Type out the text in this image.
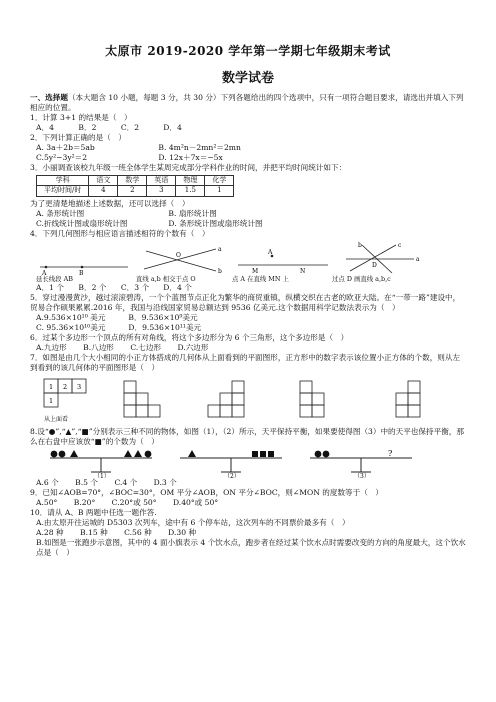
太原市 2019-2020 学年第一学期七年级期末考试

数学试卷

一、选择题（本大题含 10 小题，每题 3 分，共 30 分）下列各题给出的四个选项中，只有一项符合题目要求，请选出并填入下列相应的位置。

1．计算 3+1 的结果是（　）

A．4	B．2	C．2	D．4

2．下列计算正确的是（　）

A. 3a＋2b＝5ab	B. 4m²n－2mn²＝2mn

C.5y²−3y²＝2	D. 12x＋7x＝−5x

3．小丽调查该校九年级一班全体学生某周完成部分学科作业的时间，并把平均时间统计如下：

学科	语文	数学	英语	物理	化学
平均时间/时	4	2	3	1.5	1

为了更清楚地描述上述数据，还可以选择（　）

A. 条形统计图	B. 扇形统计图

C.折线统计图或扇形统计图	D. 条形统计图或扇形统计图

4．下列几何图形与相应语言描述相符的个数有（　）

A	B
a
b
O	A
M	N
c
b
a
D
延长线段 AB	直线 a,b 相交于点 O	点 A 在直线 MN 上	过点 D 画直线 a,b,c

A．1 个 B．2 个 C．3 个 D．4 个

5．穿过漫漫黄沙，越过滚滚碧涛，一个个蓝图节点正化为繁华的商贸重镇，纵横交织在古老的欧亚大陆。在“一带一路”建设中，贸易合作硕果累累.2016 年，我国与沿线国家贸易总额达到 9536 亿美元.这个数据用科学记数法表示为（　）

A.9.536×10¹⁰ 美元	B．9.536×10⁹美元

C. 95.36×10¹⁰美元	D．9.536×10¹¹美元

6．过某个多边形一个顶点的所有对角线，将这个多边形分为 6 个三角形，这个多边形是（　）

A.九边形 B.八边形 C.七边形 D.六边形

7．如图是由几个大小相同的小正方体搭成的几何体从上面看到的平面图形，正方形中的数字表示该位置小正方体的个数，则从左到看到的该几何体的平面图形是（　）

1 2 3
1
从上面看

8.设“●”,“▲”,“■”分别表示三种不同的物体，如图（1），（2）所示，天平保持平衡，如果要使得图（3）中的天平也保持平衡，那么在右盘中应该放“■”的个数为（　）

（1）	（2）
?
（3）

A.6 个 B.5 个 C.4 个 D.3 个

9．已知∠AOB=70°，∠BOC=30°，OM 平分∠AOB，ON 平分∠BOC，则∠MON 的度数等于（　）

A.50° B.20° C.20°或 50° D.40°或 50°

10．请从 A、B 两题中任选一题作答.

A.由太原开往运城的 D5303 次列车，途中有 6 个停车站，这次列车的不同票价最多有（　）

A.28 种 B.15 种 C.56 种 D.30 种

B.如图是一张跑步示意图，其中的 4 面小旗表示 4 个饮水点，跑步者在经过某个饮水点时需要改变的方向的角度最大，这个饮水点是（　）
